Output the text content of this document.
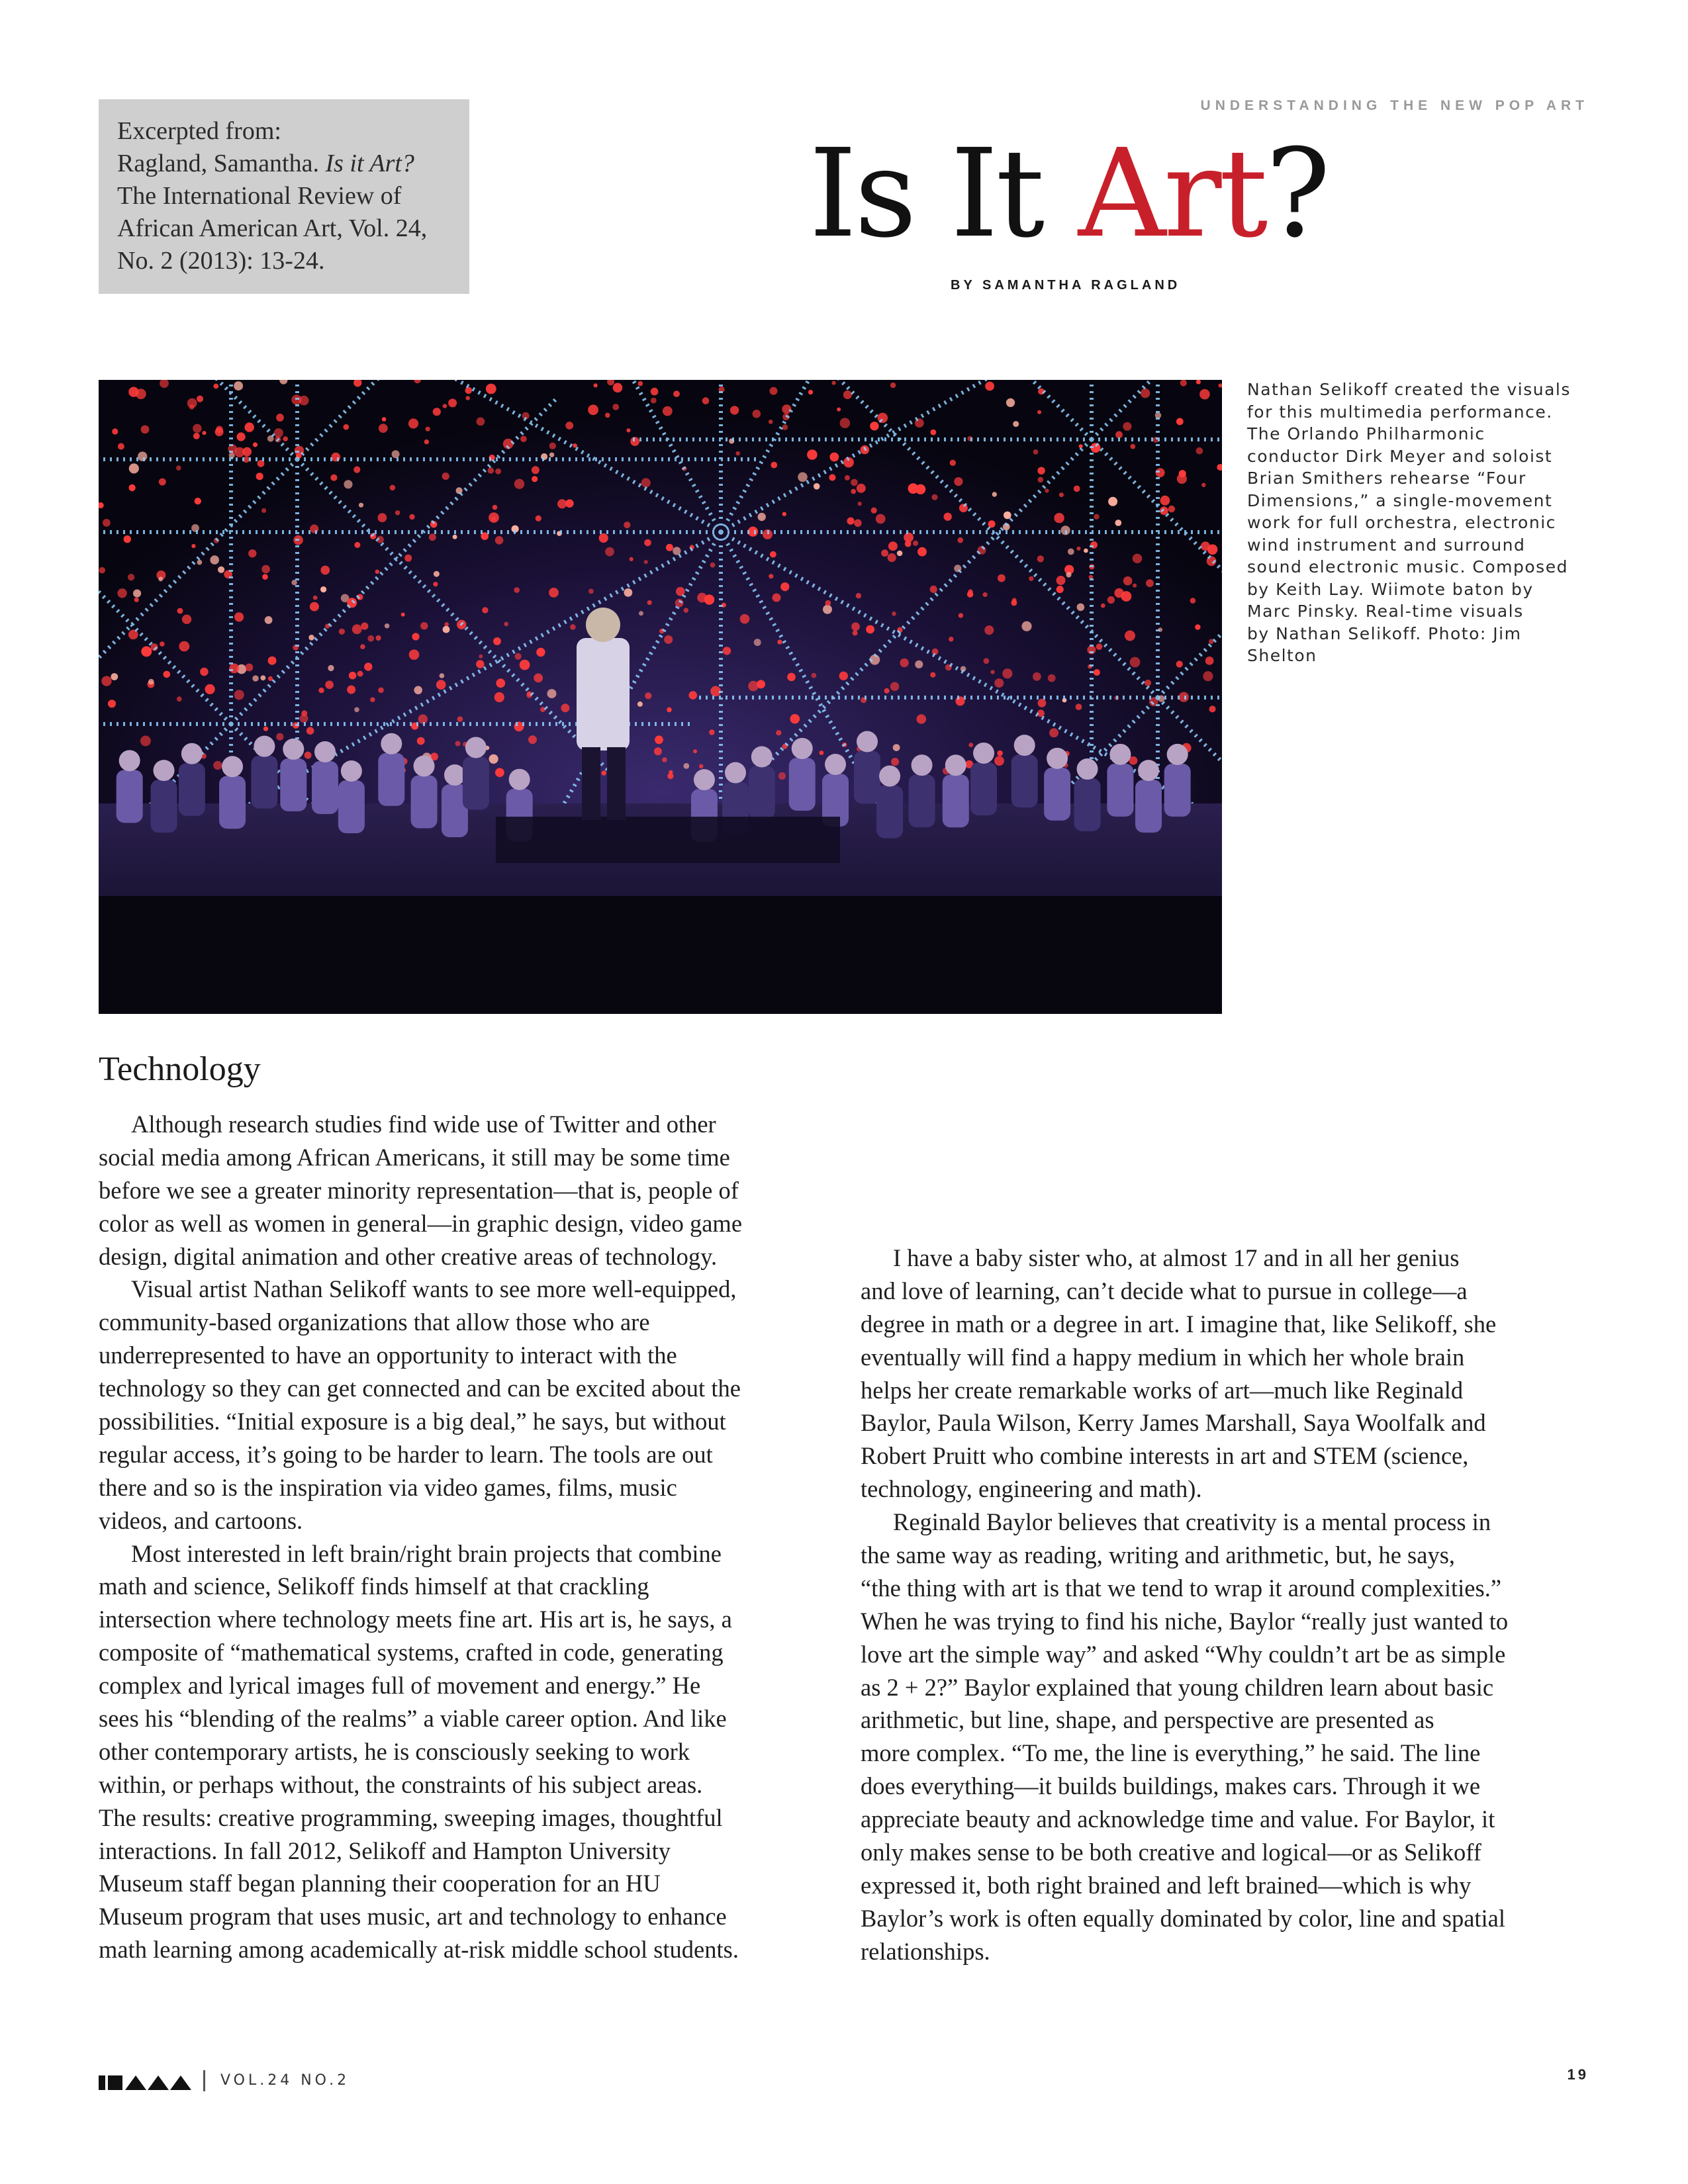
Excerpted from:
Ragland, Samantha. Is it Art?
The International Review of
African American Art, Vol. 24,
No. 2 (2013): 13-24.
UNDERSTANDING THE NEW POP ART
Is It Art?
BY SAMANTHA RAGLAND
Nathan Selikoff created the visuals
for this multimedia performance.
The Orlando Philharmonic
conductor Dirk Meyer and soloist
Brian Smithers rehearse “Four
Dimensions,” a single-movement
work for full orchestra, electronic
wind instrument and surround
sound electronic music. Composed
by Keith Lay. Wiimote baton by
Marc Pinsky. Real-time visuals
by Nathan Selikoff. Photo: Jim
Shelton
Technology
Although research studies find wide use of Twitter and other
social media among African Americans, it still may be some time
before we see a greater minority representation—that is, people of
color as well as women in general—in graphic design, video game
design, digital animation and other creative areas of technology.
Visual artist Nathan Selikoff wants to see more well-equipped,
community-based organizations that allow those who are
underrepresented to have an opportunity to interact with the
technology so they can get connected and can be excited about the
possibilities. “Initial exposure is a big deal,” he says, but without
regular access, it’s going to be harder to learn. The tools are out
there and so is the inspiration via video games, films, music
videos, and cartoons.
Most interested in left brain/right brain projects that combine
math and science, Selikoff finds himself at that crackling
intersection where technology meets fine art. His art is, he says, a
composite of “mathematical systems, crafted in code, generating
complex and lyrical images full of movement and energy.” He
sees his “blending of the realms” a viable career option. And like
other contemporary artists, he is consciously seeking to work
within, or perhaps without, the constraints of his subject areas.
The results: creative programming, sweeping images, thoughtful
interactions. In fall 2012, Selikoff and Hampton University
Museum staff began planning their cooperation for an HU
Museum program that uses music, art and technology to enhance
math learning among academically at-risk middle school students.
I have a baby sister who, at almost 17 and in all her genius
and love of learning, can’t decide what to pursue in college—a
degree in math or a degree in art. I imagine that, like Selikoff, she
eventually will find a happy medium in which her whole brain
helps her create remarkable works of art—much like Reginald
Baylor, Paula Wilson, Kerry James Marshall, Saya Woolfalk and
Robert Pruitt who combine interests in art and STEM (science,
technology, engineering and math).
Reginald Baylor believes that creativity is a mental process in
the same way as reading, writing and arithmetic, but, he says,
“the thing with art is that we tend to wrap it around complexities.”
When he was trying to find his niche, Baylor “really just wanted to
love art the simple way” and asked “Why couldn’t art be as simple
as 2 + 2?” Baylor explained that young children learn about basic
arithmetic, but line, shape, and perspective are presented as
more complex. “To me, the line is everything,” he said. The line
does everything—it builds buildings, makes cars. Through it we
appreciate beauty and acknowledge time and value. For Baylor, it
only makes sense to be both creative and logical—or as Selikoff
expressed it, both right brained and left brained—which is why
Baylor’s work is often equally dominated by color, line and spatial
relationships.
VOL.24 NO.2	19
